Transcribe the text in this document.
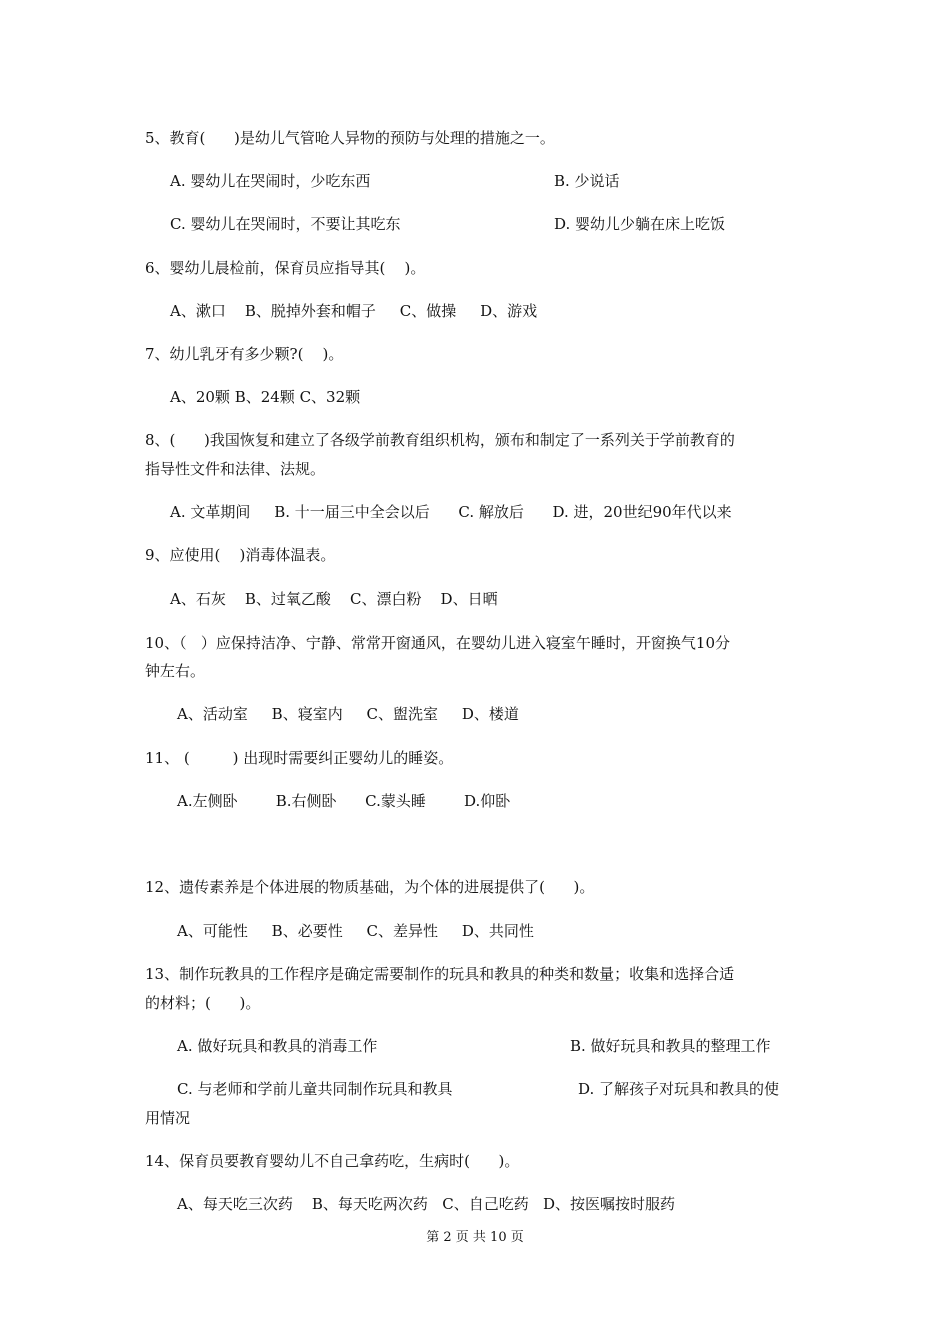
5、教育(      )是幼儿气管呛人异物的预防与处理的措施之一。
A. 婴幼儿在哭闹时，少吃东西	B. 少说话
C. 婴幼儿在哭闹时，不要让其吃东	D. 婴幼儿少躺在床上吃饭
6、婴幼儿晨检前，保育员应指导其(    )。
A、漱口    B、脱掉外套和帽子     C、做操     D、游戏
7、幼儿乳牙有多少颗?(    )。
A、20颗 B、24颗 C、32颗
8、(      )我国恢复和建立了各级学前教育组织机构，颁布和制定了一系列关于学前教育的
指导性文件和法律、法规。
A. 文革期间     B. 十一届三中全会以后      C. 解放后      D. 进，20世纪90年代以来
9、应使用(    )消毒体温表。
A、石灰    B、过氧乙酸    C、漂白粉    D、日晒
10、（   ）应保持洁净、宁静、常常开窗通风，在婴幼儿进入寝室午睡时，开窗换气10分
钟左右。
A、活动室     B、寝室内     C、盥洗室     D、楼道
11、 (         ) 出现时需要纠正婴幼儿的睡姿。
A.左侧卧        B.右侧卧      C.蒙头睡        D.仰卧
12、遗传素养是个体进展的物质基础，为个体的进展提供了(      )。
A、可能性     B、必要性     C、差异性     D、共同性
13、制作玩教具的工作程序是确定需要制作的玩具和教具的种类和数量；收集和选择合适
的材料；(      )。
A. 做好玩具和教具的消毒工作	B. 做好玩具和教具的整理工作
C. 与老师和学前儿童共同制作玩具和教具	D. 了解孩子对玩具和教具的使
用情况
14、保育员要教育婴幼儿不自己拿药吃，生病时(      )。
A、每天吃三次药    B、每天吃两次药   C、自己吃药   D、按医嘱按时服药
第 2 页 共 10 页
